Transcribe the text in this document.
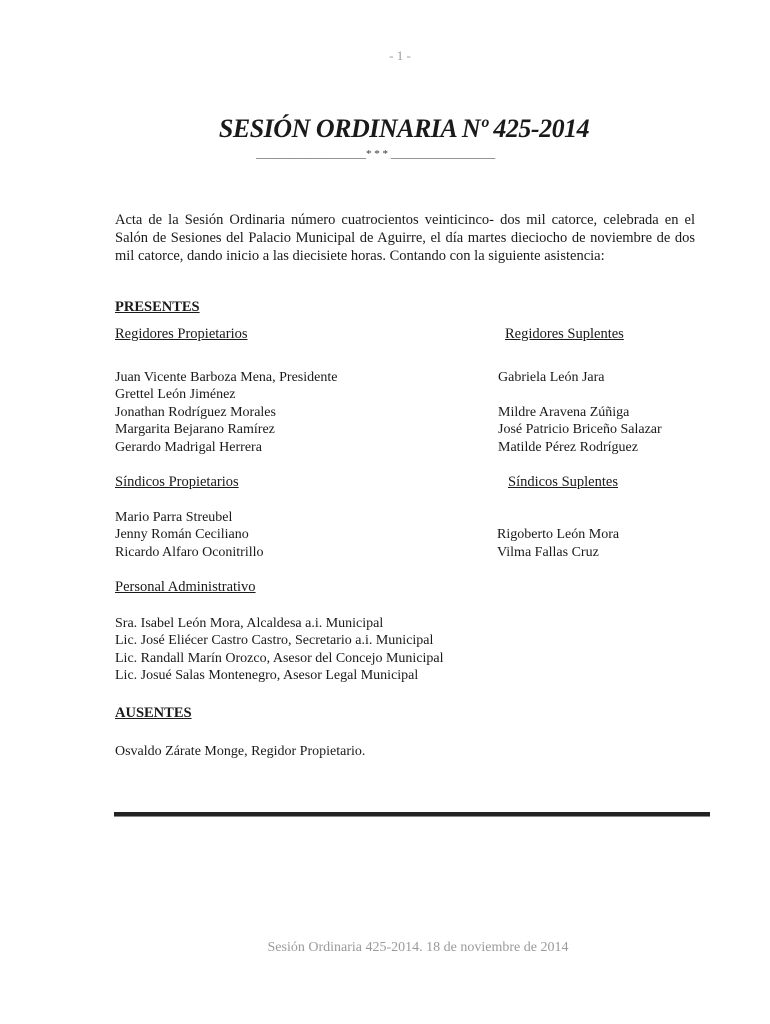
- 1 -
SESIÓN ORDINARIA Nº 425-2014
____________________* * * ___________________

Acta de la Sesión Ordinaria número cuatrocientos veinticinco- dos mil catorce, celebrada en el Salón de Sesiones del Palacio Municipal de Aguirre, el día martes dieciocho de noviembre de dos mil catorce, dando inicio a las diecisiete horas. Contando con la siguiente asistencia:

PRESENTES
Regidores Propietarios	Regidores Suplentes
Juan Vicente Barboza Mena, Presidente
Grettel León Jiménez
Jonathan Rodríguez Morales
Margarita Bejarano Ramírez
Gerardo Madrigal Herrera
Gabriela León Jara
Mildre Aravena Zúñiga
José Patricio Briceño Salazar
Matilde Pérez Rodríguez
Síndicos Propietarios	Síndicos Suplentes
Mario Parra Streubel
Jenny Román Ceciliano
Ricardo Alfaro Oconitrillo
Rigoberto León Mora
Vilma Fallas Cruz
Personal Administrativo
Sra. Isabel León Mora, Alcaldesa a.i. Municipal
Lic. José Eliécer Castro Castro, Secretario a.i. Municipal
Lic. Randall Marín Orozco, Asesor del Concejo Municipal
Lic. Josué Salas Montenegro, Asesor Legal Municipal
AUSENTES
Osvaldo Zárate Monge, Regidor Propietario.
Sesión Ordinaria 425-2014. 18 de noviembre de 2014
